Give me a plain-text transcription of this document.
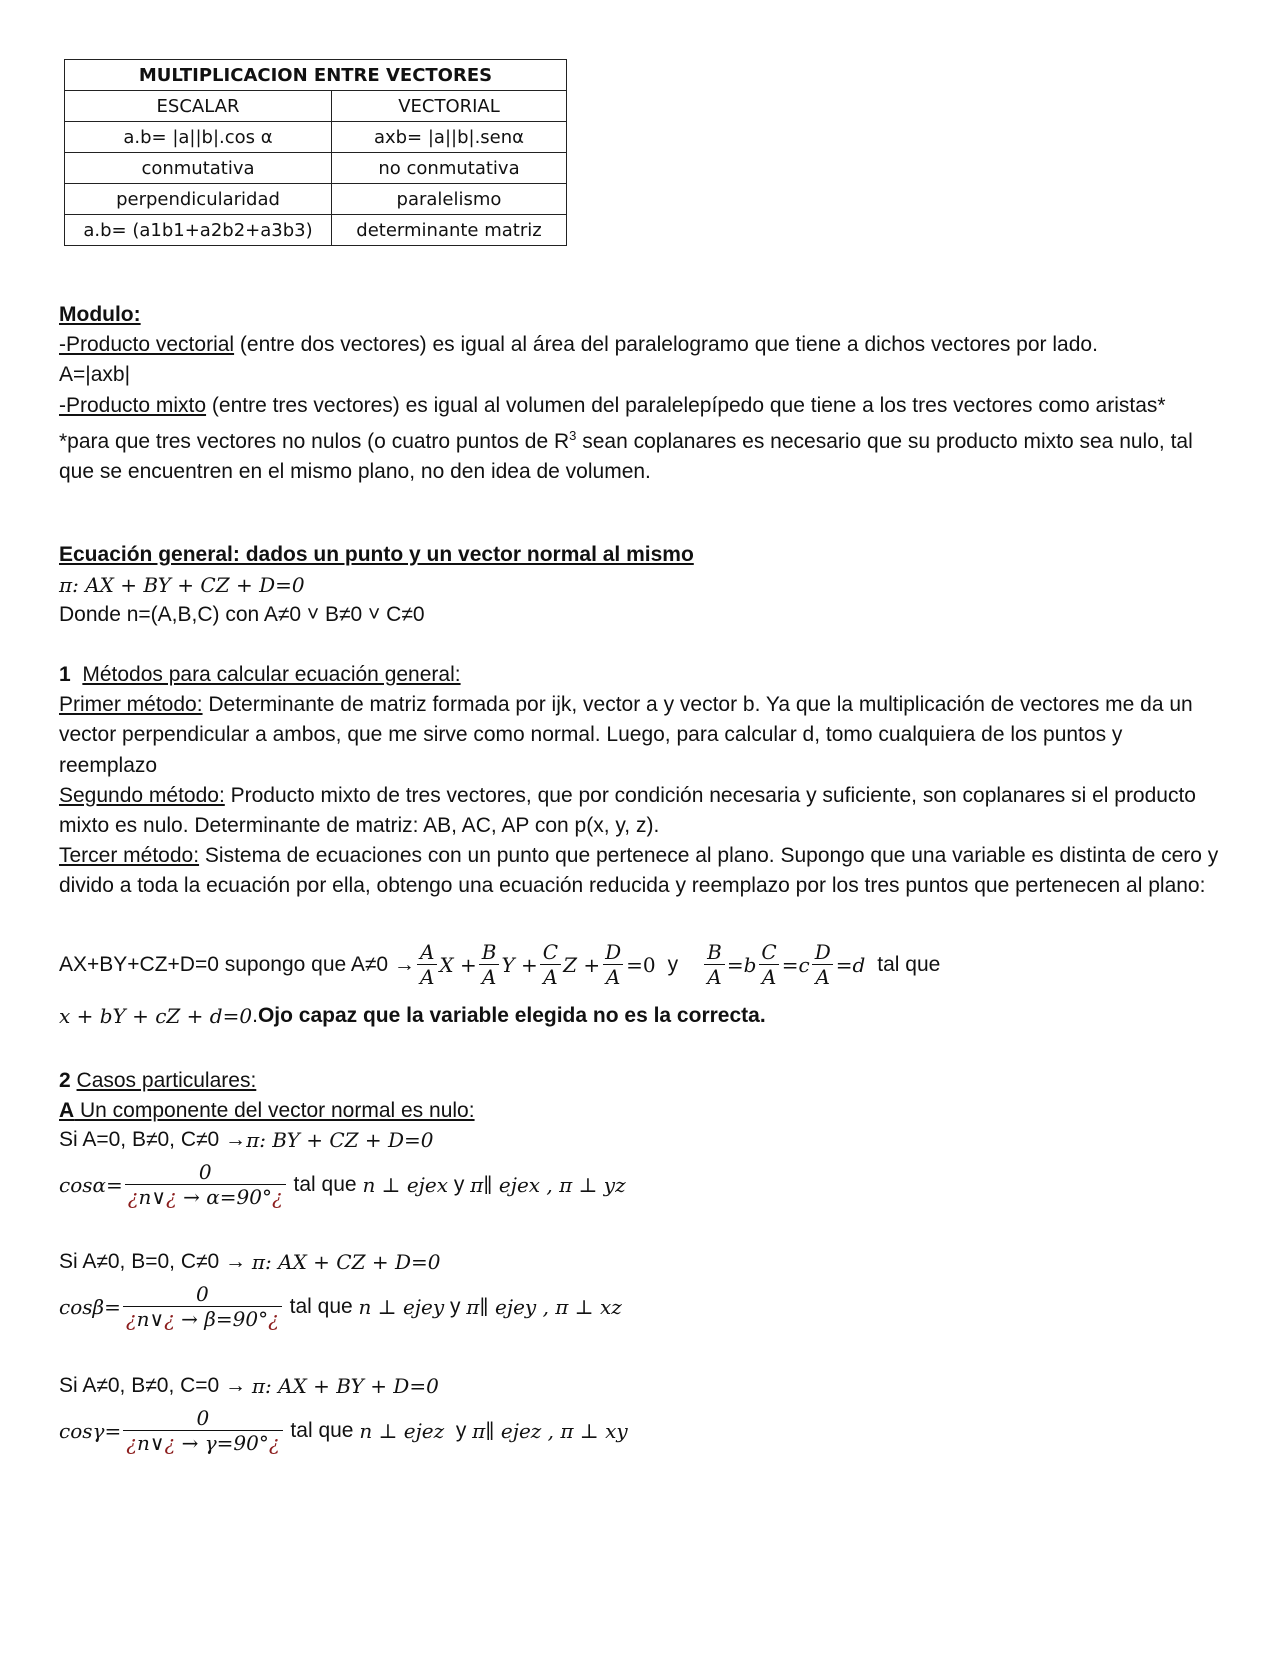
MULTIPLICACION ENTRE VECTORES	
ESCALAR	VECTORIAL
a.b= |a||b|.cos α	axb= |a||b|.senα
conmutativa	no conmutativa
perpendicularidad	paralelismo
a.b= (a1b1+a2b2+a3b3)	determinante matriz
Modulo:
-Producto vectorial (entre dos vectores) es igual al área del paralelogramo que tiene a dichos vectores por lado.
A=|axb|
-Producto mixto (entre tres vectores) es igual al volumen del paralelepípedo que tiene a los tres vectores como aristas*
*para que tres vectores no nulos (o cuatro puntos de $R^3$ sean coplanares es necesario que su producto mixto sea nulo, tal que se encuentren en el mismo plano, no den idea de volumen.
Ecuación general: dados un punto y un vector normal al mismo
π: AX + BY + CZ + D=0
Donde n=(A,B,C) con A≠0 ˅ B≠0 ˅ C≠0
1 Métodos para calcular ecuación general:
Primer método: Determinante de matriz formada por ijk, vector a y vector b. Ya que la multiplicación de vectores me da un vector perpendicular a ambos, que me sirve como normal. Luego, para calcular d, tomo cualquiera de los puntos y reemplazo
Segundo método: Producto mixto de tres vectores, que por condición necesaria y suficiente, son coplanares si el producto mixto es nulo. Determinante de matriz: AB, AC, AP con p(x, y, z).
Tercer método: Sistema de ecuaciones con un punto que pertenece al plano. Supongo que una variable es distinta de cero y divido a toda la ecuación por ella, obtengo una ecuación reducida y reemplazo por los tres puntos que pertenecen al plano:
AX+BY+CZ+D=0 supongo que $A\ne 0 \to \frac{A}{A}$ $X + \frac{B}{A}$ $Y + \frac{C}{A}$ $Z + \frac{D}{A} =0$ y $\frac{B}{A} =b \frac{C}{A} =c \frac{D}{A} =d$ tal que
x + bY + cZ + d=0 . Ojo capaz que la variable elegida no es la correcta.
2 Casos particulares:
A Un componente del vector normal es nulo:
Si A=0, B≠0, C≠0 → π: BY + CZ + D=0
$\cos\alpha= \frac{0}{¿n\vee¿ \to \alpha=90^\circ¿}$ tal que n ⊥ ejex y π∥ ejex , π ⊥ yz
Si A≠0, B=0, C≠0 → π: AX + CZ + D=0
$\cos\beta= \frac{0}{¿n\vee¿ \to \beta=90^\circ¿}$ tal que n ⊥ ejey y π∥ ejey , π ⊥ xz
Si A≠0, B≠0, C=0 → π: AX + BY + D=0
$\cos\gamma= \frac{0}{¿n\vee¿ \to \gamma=90^\circ¿}$ tal que n ⊥ ejez y π∥ ejez , π ⊥ xy
